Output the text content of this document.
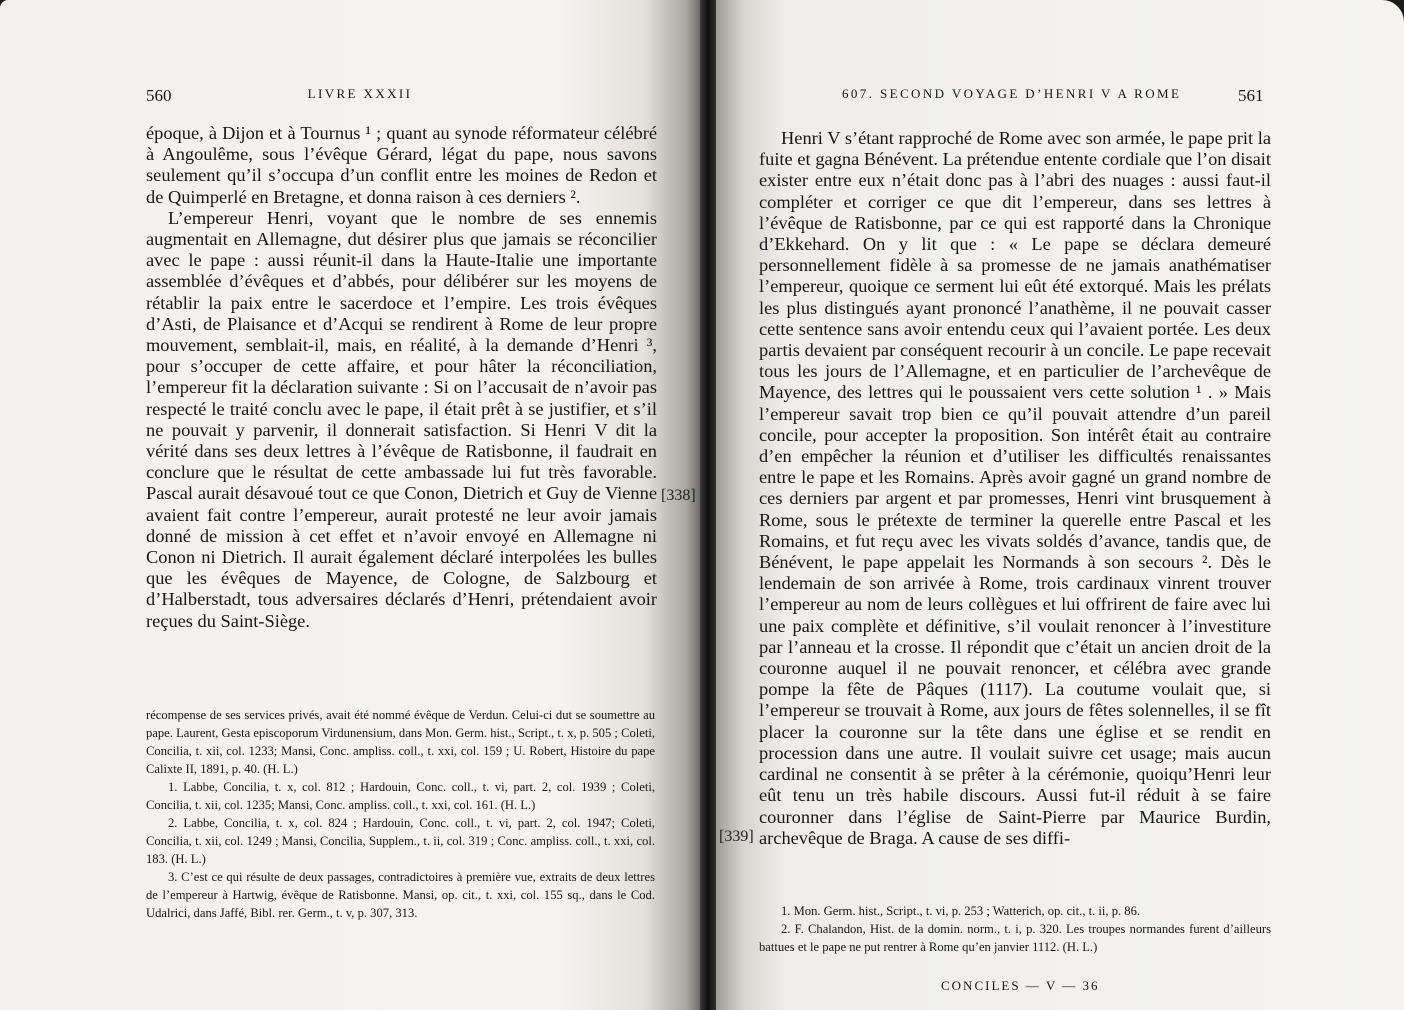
560	LIVRE XXXII

époque, à Dijon et à Tournus ¹ ; quant au synode réformateur célébré à Angoulême, sous l’évêque Gérard, légat du pape, nous savons seulement qu’il s’occupa d’un conflit entre les moines de Redon et de Quimperlé en Bretagne, et donna raison à ces derniers ².

L’empereur Henri, voyant que le nombre de ses ennemis augmentait en Allemagne, dut désirer plus que jamais se réconcilier avec le pape : aussi réunit-il dans la Haute-Italie une importante assemblée d’évêques et d’abbés, pour délibérer sur les moyens de rétablir la paix entre le sacerdoce et l’empire. Les trois évêques d’Asti, de Plaisance et d’Acqui se rendirent à Rome de leur propre mouvement, semblait-il, mais, en réalité, à la demande d’Henri ³, pour s’occuper de cette affaire, et pour hâter la réconciliation, l’empereur fit la déclaration suivante : Si on l’accusait de n’avoir pas respecté le traité conclu avec le pape, il était prêt à se justifier, et s’il ne pouvait y parvenir, il donnerait satisfaction. Si Henri V dit la vérité dans ses deux lettres à l’évêque de Ratisbonne, il faudrait en conclure que le résultat de cette ambassade lui fut très favorable. Pascal aurait désavoué tout ce que Conon, Dietrich et Guy de Vienne avaient fait contre l’empereur, aurait protesté ne leur avoir jamais donné de mission à cet effet et n’avoir envoyé en Allemagne ni Conon ni Dietrich. Il aurait également déclaré interpolées les bulles que les évêques de Mayence, de Cologne, de Salzbourg et d’Halberstadt, tous adversaires déclarés d’Henri, prétendaient avoir reçues du Saint-Siège.

[338]

récompense de ses services privés, avait été nommé évêque de Verdun. Celui-ci dut se soumettre au pape. Laurent, Gesta episcoporum Virdunensium, dans Mon. Germ. hist., Script., t. x, p. 505 ; Coleti, Concilia, t. xii, col. 1233; Mansi, Conc. ampliss. coll., t. xxi, col. 159 ; U. Robert, Histoire du pape Calixte II, 1891, p. 40. (H. L.)

1. Labbe, Concilia, t. x, col. 812 ; Hardouin, Conc. coll., t. vi, part. 2, col. 1939 ; Coleti, Concilia, t. xii, col. 1235; Mansi, Conc. ampliss. coll., t. xxi, col. 161. (H. L.)

2. Labbe, Concilia, t. x, col. 824 ; Hardouin, Conc. coll., t. vi, part. 2, col. 1947; Coleti, Concilia, t. xii, col. 1249 ; Mansi, Concilia, Supplem., t. ii, col. 319 ; Conc. ampliss. coll., t. xxi, col. 183. (H. L.)

3. C’est ce qui résulte de deux passages, contradictoires à première vue, extraits de deux lettres de l’empereur à Hartwig, évêque de Ratisbonne. Mansi, op. cit., t. xxi, col. 155 sq., dans le Cod. Udalrici, dans Jaffé, Bibl. rer. Germ., t. v, p. 307, 313.

607. SECOND VOYAGE D’HENRI V A ROME	561

Henri V s’étant rapproché de Rome avec son armée, le pape prit la fuite et gagna Bénévent. La prétendue entente cordiale que l’on disait exister entre eux n’était donc pas à l’abri des nuages : aussi faut-il compléter et corriger ce que dit l’empereur, dans ses lettres à l’évêque de Ratisbonne, par ce qui est rapporté dans la Chronique d’Ekkehard. On y lit que : « Le pape se déclara demeuré personnellement fidèle à sa promesse de ne jamais anathématiser l’empereur, quoique ce serment lui eût été extorqué. Mais les prélats les plus distingués ayant prononcé l’anathème, il ne pouvait casser cette sentence sans avoir entendu ceux qui l’avaient portée. Les deux partis devaient par conséquent recourir à un concile. Le pape recevait tous les jours de l’Allemagne, et en particulier de l’archevêque de Mayence, des lettres qui le poussaient vers cette solution ¹ . » Mais l’empereur savait trop bien ce qu’il pouvait attendre d’un pareil concile, pour accepter la proposition. Son intérêt était au contraire d’en empêcher la réunion et d’utiliser les difficultés renaissantes entre le pape et les Romains. Après avoir gagné un grand nombre de ces derniers par argent et par promesses, Henri vint brusquement à Rome, sous le prétexte de terminer la querelle entre Pascal et les Romains, et fut reçu avec les vivats soldés d’avance, tandis que, de Bénévent, le pape appelait les Normands à son secours ². Dès le lendemain de son arrivée à Rome, trois cardinaux vinrent trouver l’empereur au nom de leurs collègues et lui offrirent de faire avec lui une paix complète et définitive, s’il voulait renoncer à l’investiture par l’anneau et la crosse. Il répondit que c’était un ancien droit de la couronne auquel il ne pouvait renoncer, et célébra avec grande pompe la fête de Pâques (1117). La coutume voulait que, si l’empereur se trouvait à Rome, aux jours de fêtes solennelles, il se fît placer la couronne sur la tête dans une église et se rendit en procession dans une autre. Il voulait suivre cet usage; mais aucun cardinal ne consentit à se prêter à la cérémonie, quoiqu’Henri leur eût tenu un très habile discours. Aussi fut-il réduit à se faire couronner dans l’église de Saint-Pierre par Maurice Burdin, archevêque de Braga. A cause de ses diffi-

[339]

1. Mon. Germ. hist., Script., t. vi, p. 253 ; Watterich, op. cit., t. ii, p. 86.

2. F. Chalandon, Hist. de la domin. norm., t. i, p. 320. Les troupes normandes furent d’ailleurs battues et le pape ne put rentrer à Rome qu’en janvier 1112. (H. L.)

CONCILES — V — 36
